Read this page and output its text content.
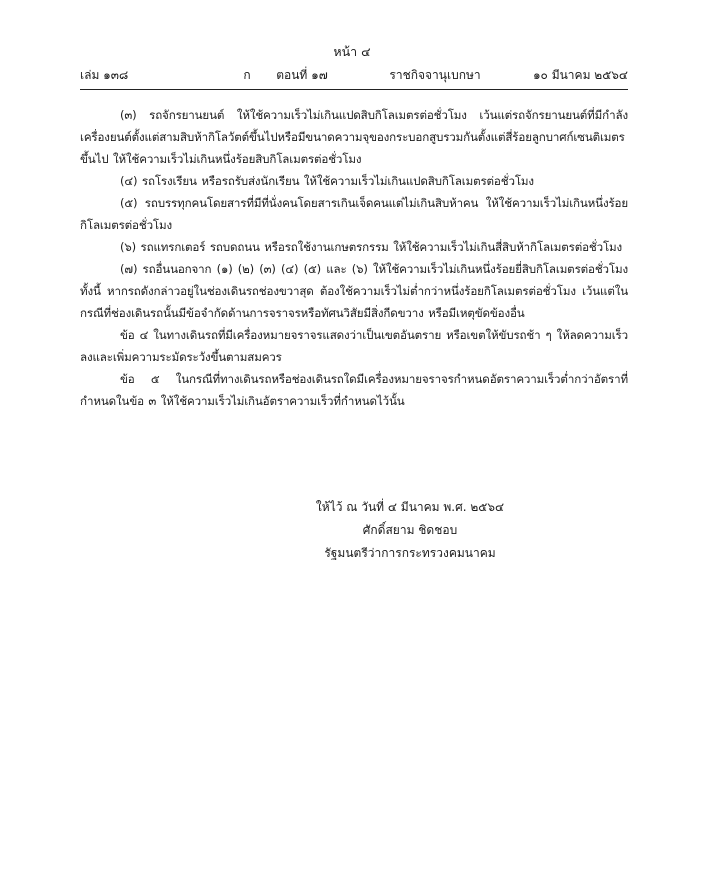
หน้า ๔
เล่ม ๑๓๘	ตอนที่ ๑๗
ก	ราชกิจจานุเบกษา	๑๐ มีนาคม ๒๕๖๔

(๓) รถจักรยานยนต์ ให้ใช้ความเร็วไม่เกินแปดสิบกิโลเมตรต่อชั่วโมง เว้นแต่รถจักรยานยนต์ที่มีกำลังเครื่องยนต์ตั้งแต่สามสิบห้ากิโลวัตต์ขึ้นไปหรือมีขนาดความจุของกระบอกสูบรวมกันตั้งแต่สี่ร้อยลูกบาศก์เซนติเมตรขึ้นไป ให้ใช้ความเร็วไม่เกินหนึ่งร้อยสิบกิโลเมตรต่อชั่วโมง

(๔) รถโรงเรียน หรือรถรับส่งนักเรียน ให้ใช้ความเร็วไม่เกินแปดสิบกิโลเมตรต่อชั่วโมง

(๕) รถบรรทุกคนโดยสารที่มีที่นั่งคนโดยสารเกินเจ็ดคนแต่ไม่เกินสิบห้าคน ให้ใช้ความเร็วไม่เกินหนึ่งร้อยกิโลเมตรต่อชั่วโมง

(๖) รถแทรกเตอร์ รถบดถนน หรือรถใช้งานเกษตรกรรม ให้ใช้ความเร็วไม่เกินสี่สิบห้ากิโลเมตรต่อชั่วโมง

(๗) รถอื่นนอกจาก (๑) (๒) (๓) (๔) (๕) และ (๖) ให้ใช้ความเร็วไม่เกินหนึ่งร้อยยี่สิบกิโลเมตรต่อชั่วโมง ทั้งนี้ หากรถดังกล่าวอยู่ในช่องเดินรถช่องขวาสุด ต้องใช้ความเร็วไม่ต่ำกว่าหนึ่งร้อยกิโลเมตรต่อชั่วโมง เว้นแต่ในกรณีที่ช่องเดินรถนั้นมีข้อจำกัดด้านการจราจรหรือทัศนวิสัยมีสิ่งกีดขวาง หรือมีเหตุขัดข้องอื่น

ข้อ ๔ ในทางเดินรถที่มีเครื่องหมายจราจรแสดงว่าเป็นเขตอันตราย หรือเขตให้ขับรถช้า ๆ ให้ลดความเร็วลงและเพิ่มความระมัดระวังขึ้นตามสมควร

ข้อ ๕ ในกรณีที่ทางเดินรถหรือช่องเดินรถใดมีเครื่องหมายจราจรกำหนดอัตราความเร็วต่ำกว่าอัตราที่กำหนดในข้อ ๓ ให้ใช้ความเร็วไม่เกินอัตราความเร็วที่กำหนดไว้นั้น

ให้ไว้ ณ วันที่ ๔ มีนาคม พ.ศ. ๒๕๖๔
ศักดิ์สยาม ชิดชอบ
รัฐมนตรีว่าการกระทรวงคมนาคม
